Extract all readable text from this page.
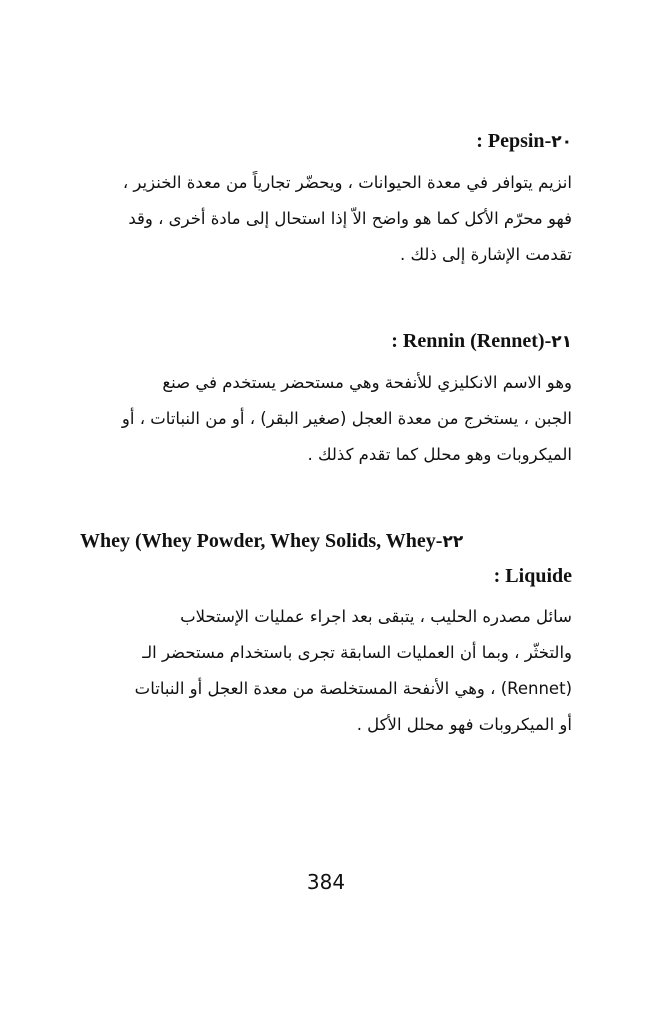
٢٠-: Pepsin
انزيم يتوافر في معدة الحيوانات ، ويحضّر تجارياً من معدة الخنزير ،
فهو محرّم الأكل كما هو واضح الاّ إذا استحال إلى مادة أخرى ، وقد
تقدمت الإشارة إلى ذلك .
٢١-: Rennin (Rennet)
وهو الاسم الانكليزي للأنفحة وهي مستحضر يستخدم في صنع
الجبن ، يستخرج من معدة العجل (صغير البقر) ، أو من النباتات ، أو
الميكروبات وهو محلل كما تقدم كذلك .
Whey (Whey Powder, Whey Solids, Whey-٢٢
: Liquide
سائل مصدره الحليب ، يتبقى بعد اجراء عمليات الإستحلاب
والتخثّر ، وبما أن العمليات السابقة تجرى باستخدام مستحضر الـ
(Rennet) ، وهي الأنفحة المستخلصة من معدة العجل أو النباتات
أو الميكروبات فهو محلل الأكل .
384
